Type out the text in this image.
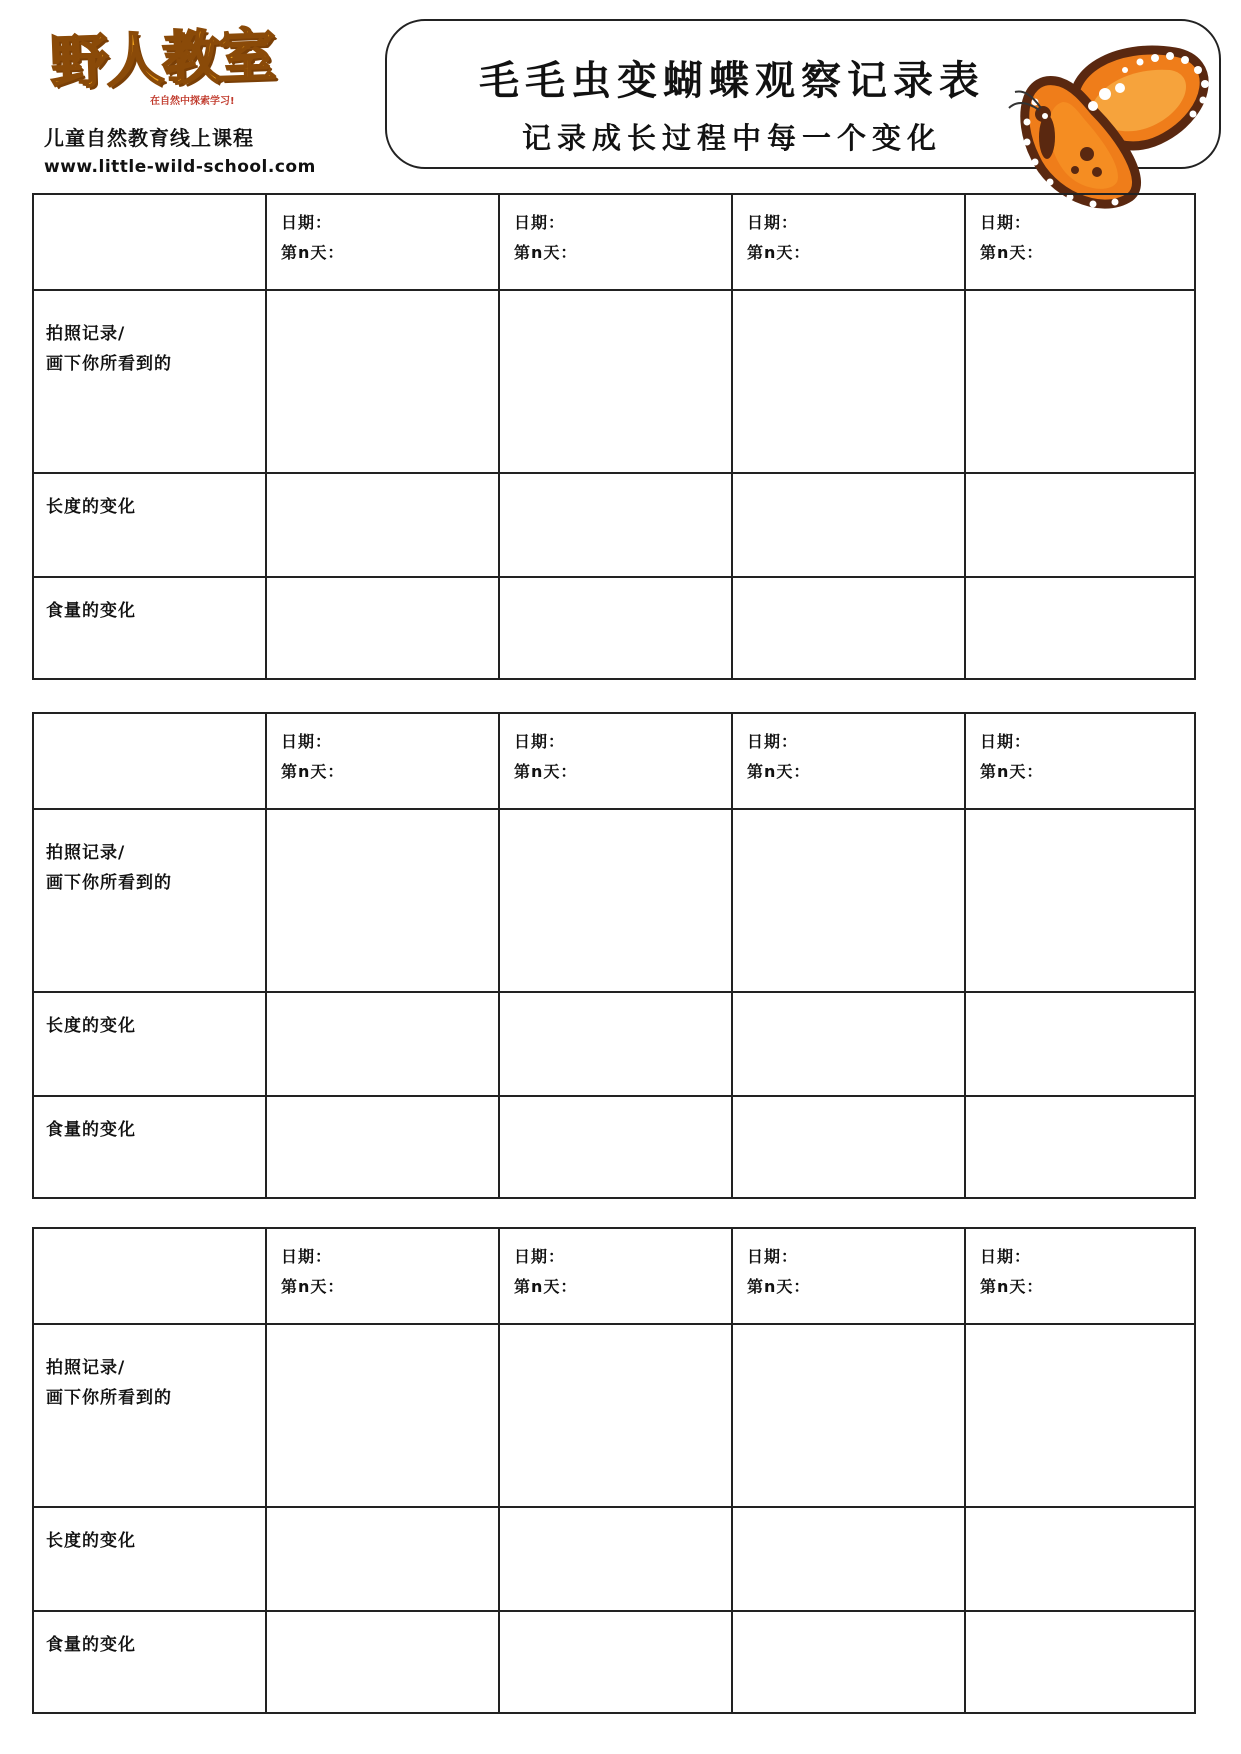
野人教室
在自然中探索学习!
儿童自然教育线上课程
www.little-wild-school.com
毛毛虫变蝴蝶观察记录表
记录成长过程中每一个变化
日期：
第n天：
日期：
第n天：
日期：
第n天：
日期：
第n天：
拍照记录/
画下你所看到的
长度的变化
食量的变化
日期：
第n天：
日期：
第n天：
日期：
第n天：
日期：
第n天：
拍照记录/
画下你所看到的
长度的变化
食量的变化
日期：
第n天：
日期：
第n天：
日期：
第n天：
日期：
第n天：
拍照记录/
画下你所看到的
长度的变化
食量的变化
